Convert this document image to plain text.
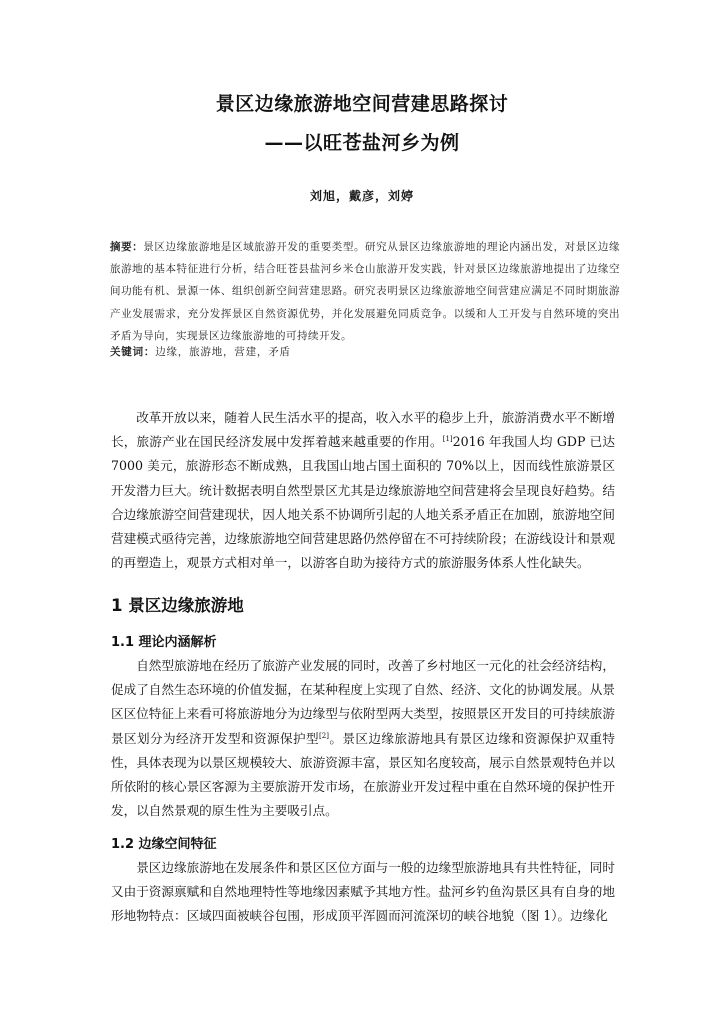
景区边缘旅游地空间营建思路探讨
——以旺苍盐河乡为例
刘旭，戴彦，刘婷
摘要：景区边缘旅游地是区域旅游开发的重要类型。研究从景区边缘旅游地的理论内涵出发，对景区边缘旅游地的基本特征进行分析，结合旺苍县盐河乡米仓山旅游开发实践，针对景区边缘旅游地提出了边缘空间功能有机、景源一体、组织创新空间营建思路。研究表明景区边缘旅游地空间营建应满足不同时期旅游产业发展需求，充分发挥景区自然资源优势，并化发展避免同质竞争。以缓和人工开发与自然环境的突出矛盾为导向，实现景区边缘旅游地的可持续开发。
关键词：边缘，旅游地，营建，矛盾
改革开放以来，随着人民生活水平的提高，收入水平的稳步上升，旅游消费水平不断增长，旅游产业在国民经济发展中发挥着越来越重要的作用。[1]2016 年我国人均 GDP 已达 7000 美元，旅游形态不断成熟，且我国山地占国土面积的 70%以上，因而线性旅游景区开发潜力巨大。统计数据表明自然型景区尤其是边缘旅游地空间营建将会呈现良好趋势。结合边缘旅游空间营建现状，因人地关系不协调所引起的人地关系矛盾正在加剧，旅游地空间营建模式亟待完善，边缘旅游地空间营建思路仍然停留在不可持续阶段；在游线设计和景观的再塑造上，观景方式相对单一，以游客自助为接待方式的旅游服务体系人性化缺失。
1 景区边缘旅游地
1.1 理论内涵解析
自然型旅游地在经历了旅游产业发展的同时，改善了乡村地区一元化的社会经济结构，促成了自然生态环境的价值发掘，在某种程度上实现了自然、经济、文化的协调发展。从景区区位特征上来看可将旅游地分为边缘型与依附型两大类型，按照景区开发目的可持续旅游景区划分为经济开发型和资源保护型[2]。景区边缘旅游地具有景区边缘和资源保护双重特性，具体表现为以景区规模较大、旅游资源丰富，景区知名度较高，展示自然景观特色并以所依附的核心景区客源为主要旅游开发市场，在旅游业开发过程中重在自然环境的保护性开发，以自然景观的原生性为主要吸引点。
1.2 边缘空间特征
景区边缘旅游地在发展条件和景区区位方面与一般的边缘型旅游地具有共性特征，同时又由于资源禀赋和自然地理特性等地缘因素赋予其地方性。盐河乡钓鱼沟景区具有自身的地形地物特点：区域四面被峡谷包围，形成顶平浑圆而河流深切的峡谷地貌（图 1）。边缘化
